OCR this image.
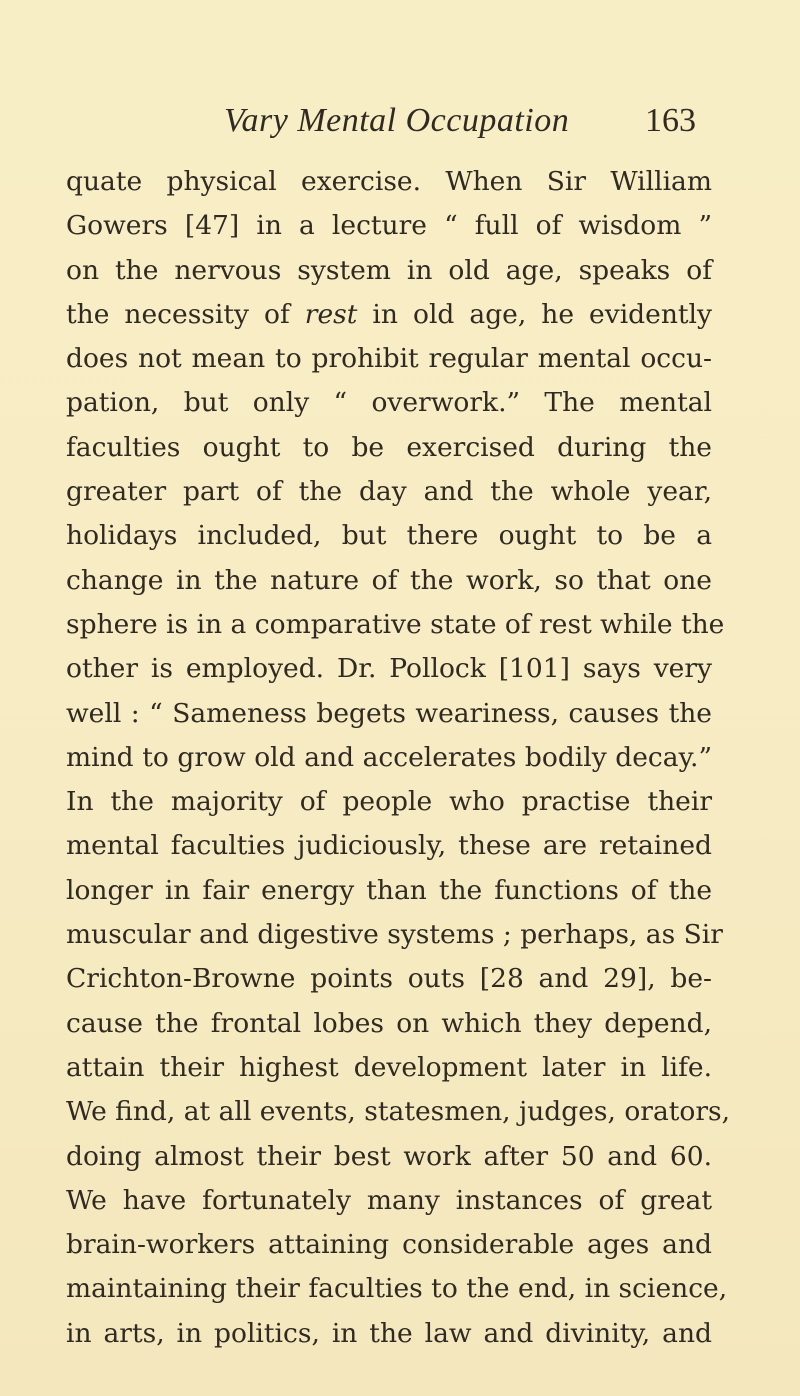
Vary Mental Occupation 163
quate physical exercise. When Sir William
Gowers [47] in a lecture “ full of wisdom ”
on the nervous system in old age, speaks of
the necessity of rest in old age, he evidently
does not mean to prohibit regular mental occu-
pation, but only “ overwork.” The mental
faculties ought to be exercised during the
greater part of the day and the whole year,
holidays included, but there ought to be a
change in the nature of the work, so that one
sphere is in a comparative state of rest while the
other is employed. Dr. Pollock [101] says very
well : “ Sameness begets weariness, causes the
mind to grow old and accelerates bodily decay.”
In the majority of people who practise their
mental faculties judiciously, these are retained
longer in fair energy than the functions of the
muscular and digestive systems ; perhaps, as Sir
Crichton-Browne points outs [28 and 29], be-
cause the frontal lobes on which they depend,
attain their highest development later in life.
We find, at all events, statesmen, judges, orators,
doing almost their best work after 50 and 60.
We have fortunately many instances of great
brain-workers attaining considerable ages and
maintaining their faculties to the end, in science,
in arts, in politics, in the law and divinity, and
